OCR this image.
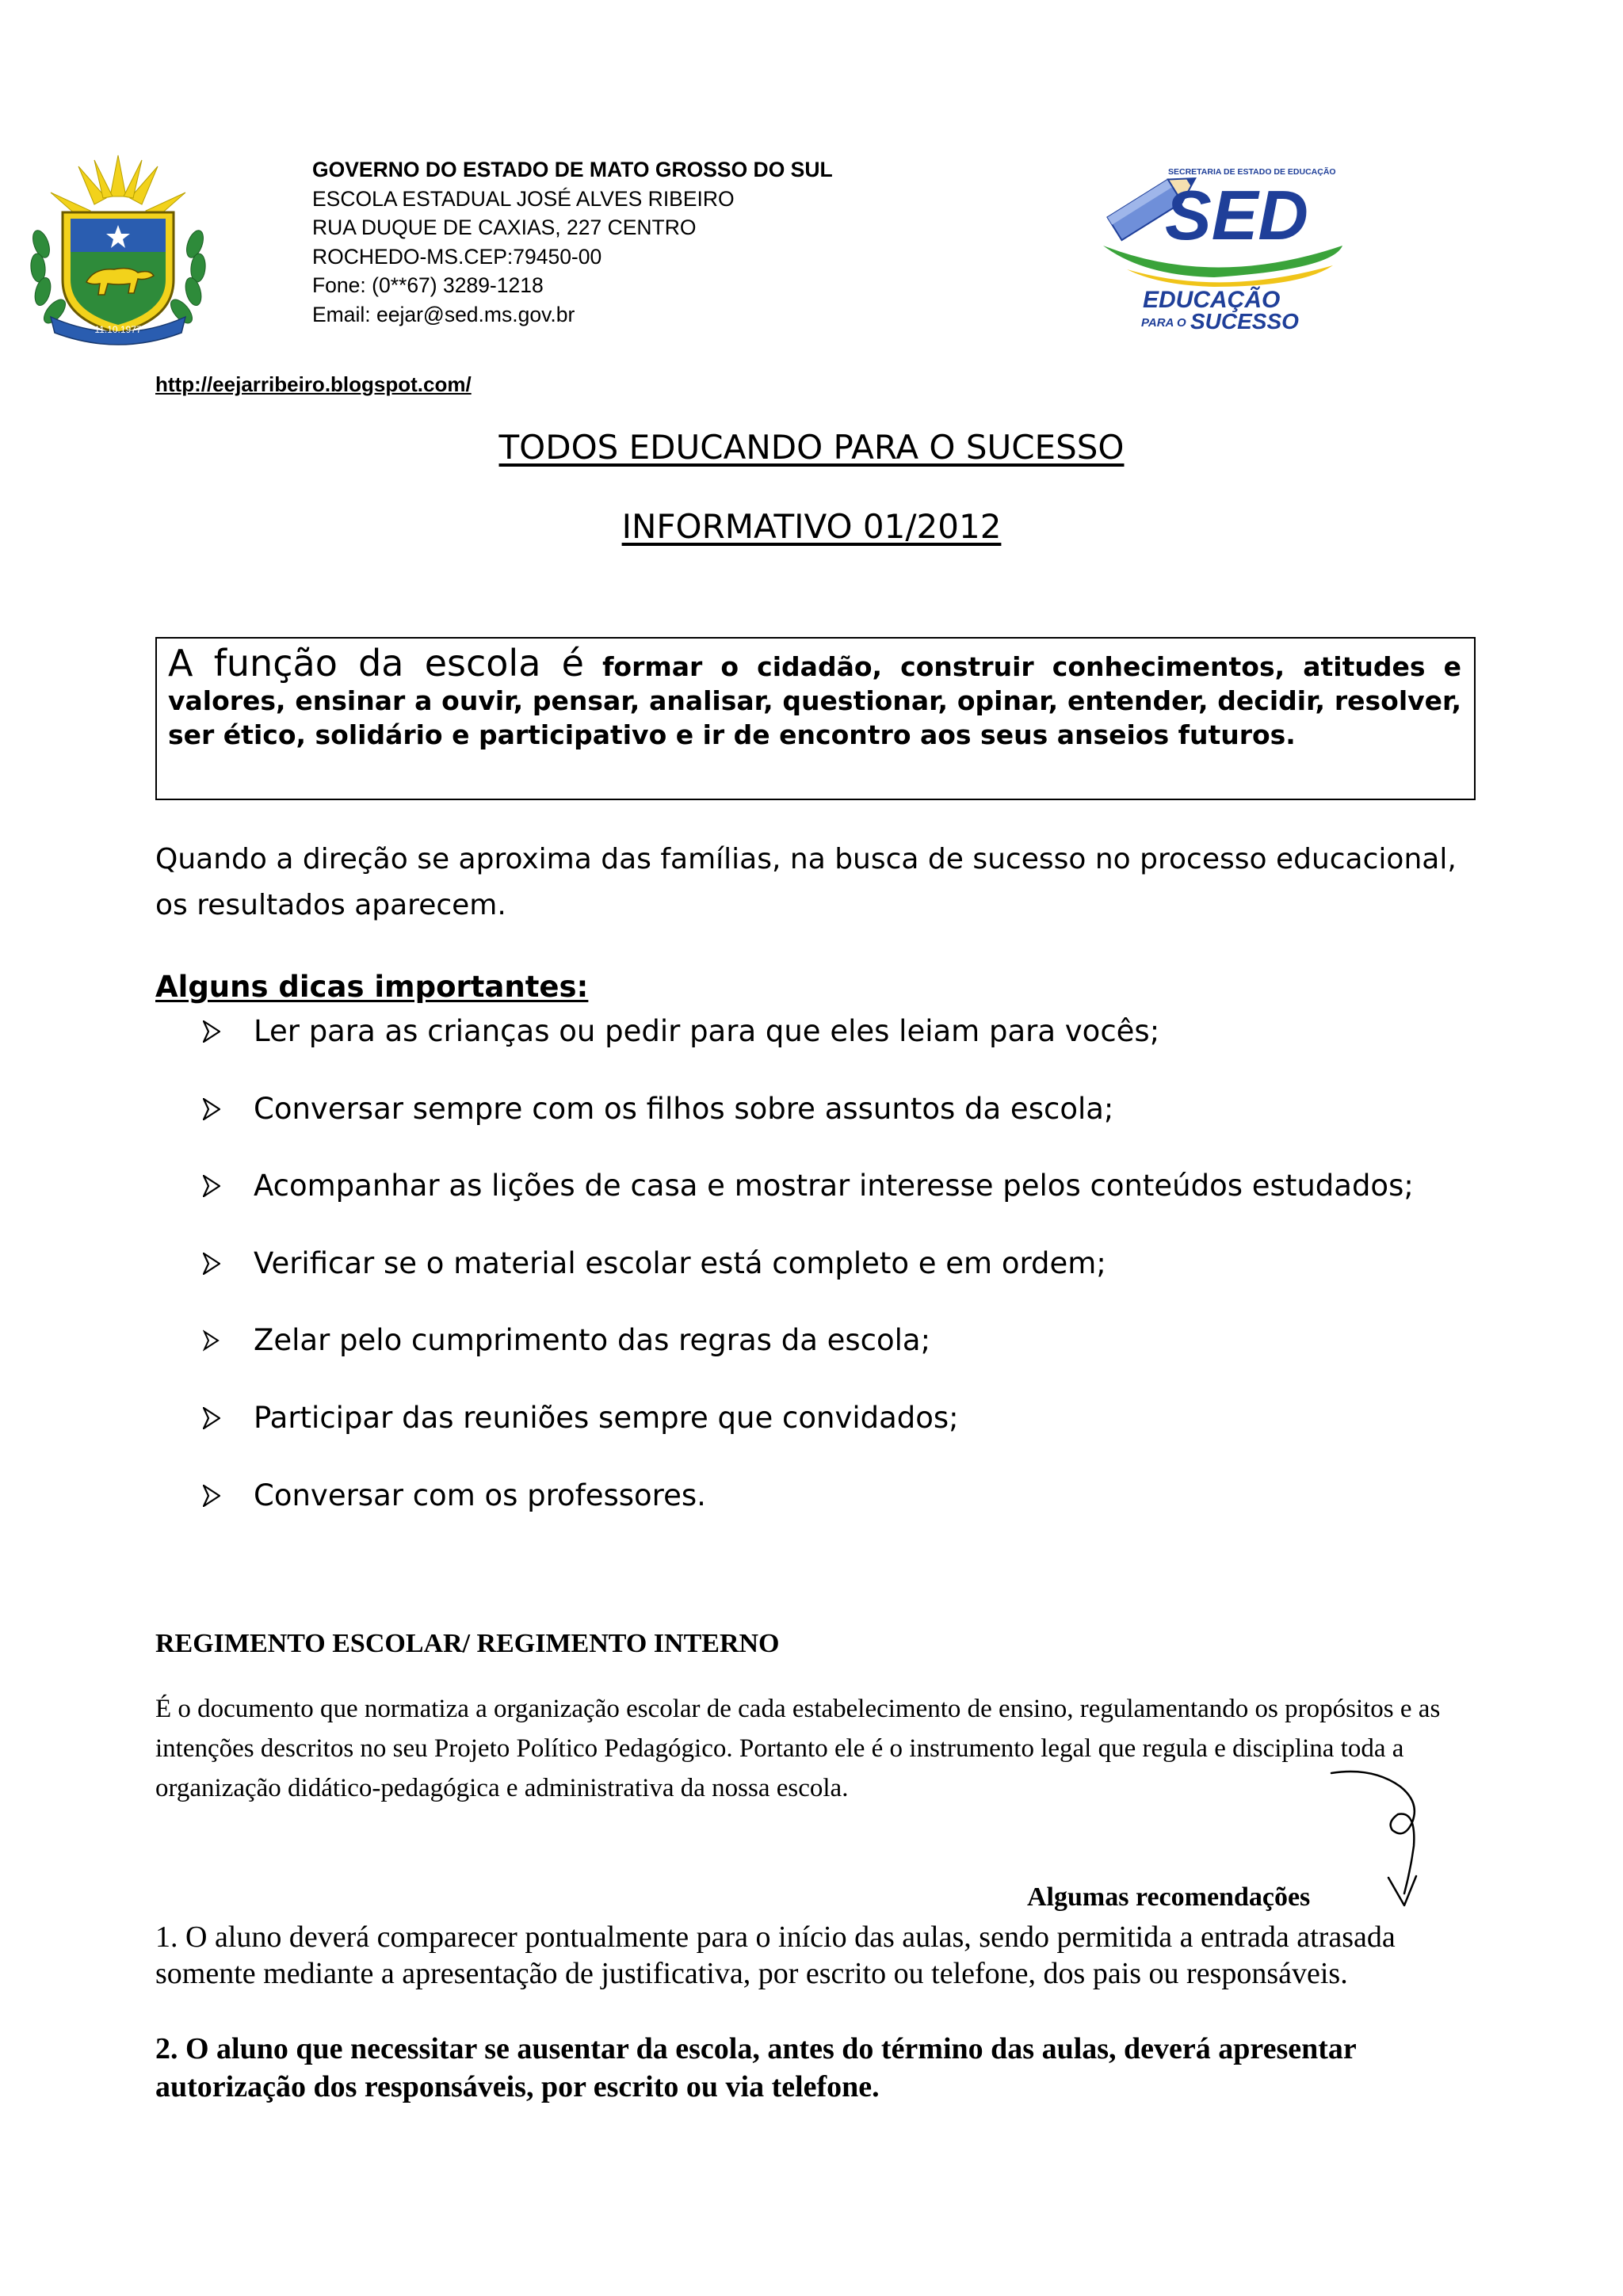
11.10.1977
GOVERNO DO ESTADO DE MATO GROSSO DO SUL
ESCOLA ESTADUAL JOSÉ ALVES RIBEIRO
RUA DUQUE DE CAXIAS, 227 CENTRO
ROCHEDO-MS.CEP:79450-00
Fone: (0**67) 3289-1218
Email: eejar@sed.ms.gov.br
SECRETARIA DE ESTADO DE EDUCAÇÃO
SED
EDUCAÇÃO
PARA O SUCESSO
http://eejarribeiro.blogspot.com/
TODOS EDUCANDO PARA O SUCESSO
INFORMATIVO 01/2012
A função da escola é formar o cidadão, construir conhecimentos, atitudes e valores, ensinar a ouvir, pensar, analisar, questionar, opinar, entender, decidir, resolver, ser ético, solidário e participativo e ir de encontro aos seus anseios futuros.
Quando a direção se aproxima das famílias, na busca de sucesso no processo educacional, os resultados aparecem.
Alguns dicas importantes:
Ler para as crianças ou pedir para que eles leiam para vocês;
Conversar sempre com os filhos sobre assuntos da escola;
Acompanhar as lições de casa e mostrar interesse pelos conteúdos estudados;
Verificar se o material escolar está completo e em ordem;
Zelar pelo cumprimento das regras da escola;
Participar das reuniões sempre que convidados;
Conversar com os professores.
REGIMENTO ESCOLAR/ REGIMENTO INTERNO
É o documento que normatiza a organização escolar de cada estabelecimento de ensino, regulamentando os propósitos e as intenções descritos no seu Projeto Político Pedagógico. Portanto ele é o instrumento legal que regula e disciplina toda a organização didático-pedagógica e administrativa da nossa escola.
Algumas recomendações
1. O aluno deverá comparecer pontualmente para o início das aulas, sendo permitida a entrada atrasada somente mediante a apresentação de justificativa, por escrito ou telefone, dos pais ou responsáveis.
2. O aluno que necessitar se ausentar da escola, antes do término das aulas, deverá apresentar autorização dos responsáveis, por escrito ou via telefone.
